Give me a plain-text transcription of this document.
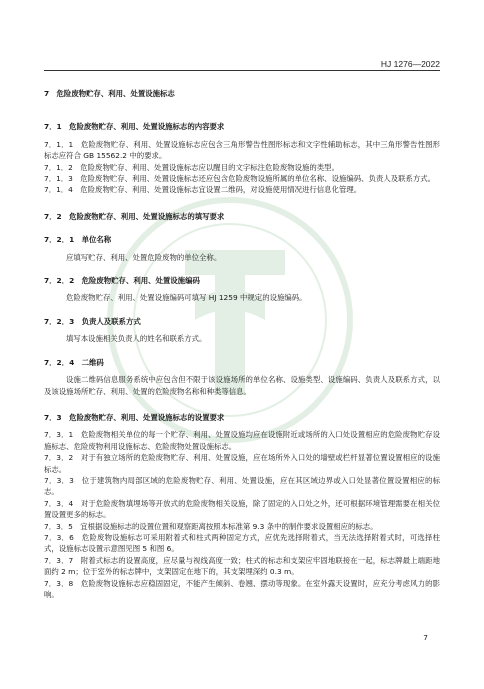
HJ 1276—2022
7　危险废物贮存、利用、处置设施标志
7．1　危险废物贮存、利用、处置设施标志的内容要求

7．1．1　危险废物贮存、利用、处置设施标志应包含三角形警告性图形标志和文字性辅助标志，其中三角形警告性图形标志应符合 GB 15562.2 中的要求。

7．1．2　危险废物贮存、利用、处置设施标志应以醒目的文字标注危险废物设施的类型。

7．1．3　危险废物贮存、利用、处置设施标志还应包含危险废物设施所属的单位名称、设施编码、负责人及联系方式。

7．1．4　危险废物贮存、利用、处置设施标志宜设置二维码，对设施使用情况进行信息化管理。

7．2　危险废物贮存、利用、处置设施标志的填写要求
7．2．1　单位名称

应填写贮存、利用、处置危险废物的单位全称。

7．2．2　危险废物贮存、利用、处置设施编码

危险废物贮存、利用、处置设施编码可填写 HJ 1259 中规定的设施编码。

7．2．3　负责人及联系方式

填写本设施相关负责人的姓名和联系方式。

7．2．4　二维码

设施二维码信息服务系统中应包含但不限于该设施场所的单位名称、设施类型、设施编码、负责人及联系方式，以及该设施场所贮存、利用、处置的危险废物名称和种类等信息。

7．3　危险废物贮存、利用、处置设施标志的设置要求

7．3．1　危险废物相关单位的每一个贮存、利用、处置设施均应在设施附近或场所的入口处设置相应的危险废物贮存设施标志、危险废物利用设施标志、危险废物处置设施标志。

7．3．2　对于有独立场所的危险废物贮存、利用、处置设施，应在场所外入口处的墙壁或栏杆显著位置设置相应的设施标志。

7．3．3　位于建筑物内局部区域的危险废物贮存、利用、处置设施，应在其区域边界或入口处显著位置设置相应的标志。

7．3．4　对于危险废物填埋场等开放式的危险废物相关设施，除了固定的入口处之外，还可根据环境管理需要在相关位置设置更多的标志。

7．3．5　宜根据设施标志的设置位置和观察距离按照本标准第 9.3 条中的制作要求设置相应的标志。

7．3．6　危险废物设施标志可采用附着式和柱式两种固定方式，应优先选择附着式，当无法选择附着式时，可选择柱式，设施标志设置示意图见图 5 和图 6。

7．3．7　附着式标志的设置高度，应尽量与视线高度一致；柱式的标志和支架应牢固地联接在一起，标志牌最上端距地面约 2 m；位于室外的标志牌中，支架固定在地下的，其支架埋深约 0.3 m。

7．3．8　危险废物设施标志应稳固固定，不能产生倾斜、卷翘、摆动等现象。在室外露天设置时，应充分考虑风力的影响。

7
